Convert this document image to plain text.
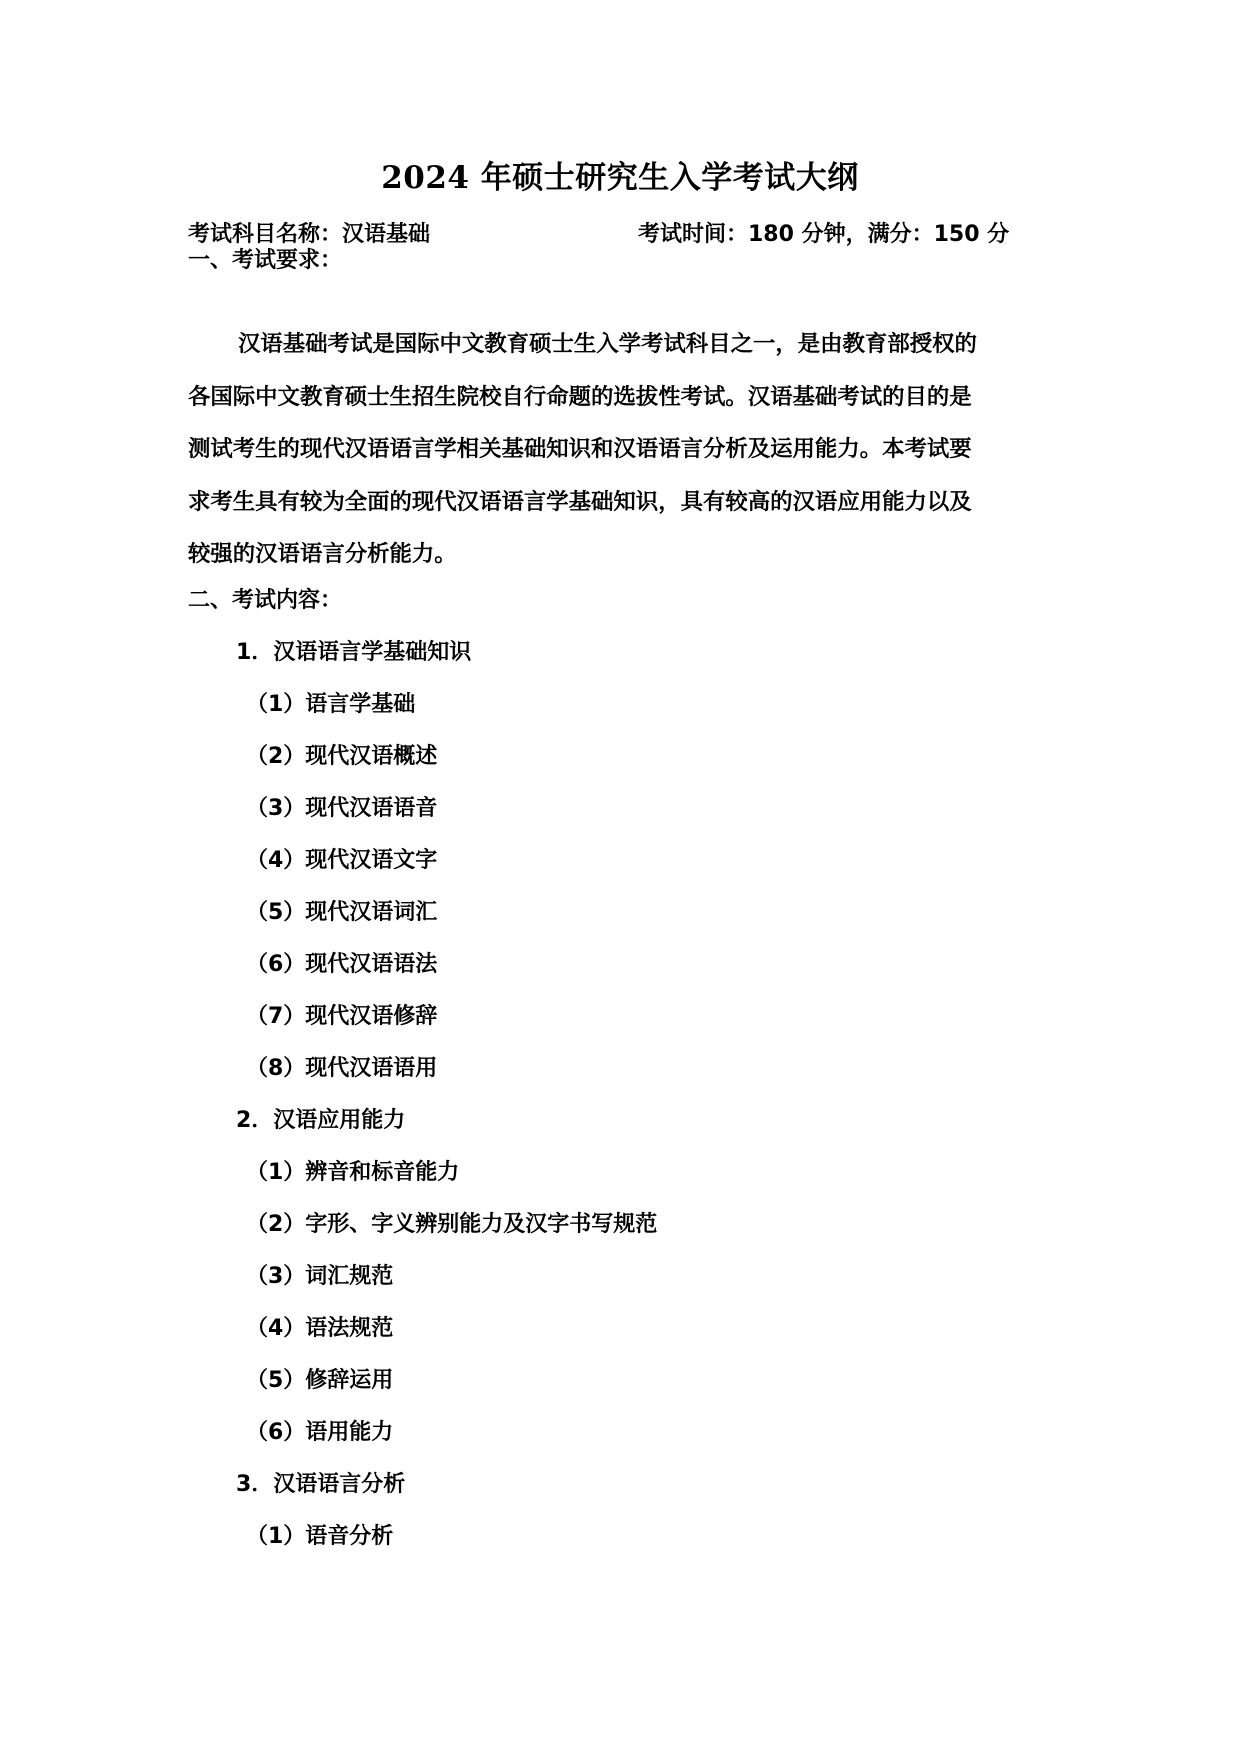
2024 年硕士研究生入学考试大纲
考试科目名称：汉语基础	考试时间：180 分钟，满分：150 分
一、考试要求：
汉语基础考试是国际中文教育硕士生入学考试科目之一，是由教育部授权的
各国际中文教育硕士生招生院校自行命题的选拔性考试。汉语基础考试的目的是
测试考生的现代汉语语言学相关基础知识和汉语语言分析及运用能力。本考试要
求考生具有较为全面的现代汉语语言学基础知识，具有较高的汉语应用能力以及
较强的汉语语言分析能力。
二、考试内容：
1．汉语语言学基础知识
（1）语言学基础
（2）现代汉语概述
（3）现代汉语语音
（4）现代汉语文字
（5）现代汉语词汇
（6）现代汉语语法
（7）现代汉语修辞
（8）现代汉语语用
2．汉语应用能力
（1）辨音和标音能力
（2）字形、字义辨别能力及汉字书写规范
（3）词汇规范
（4）语法规范
（5）修辞运用
（6）语用能力
3．汉语语言分析
（1）语音分析
